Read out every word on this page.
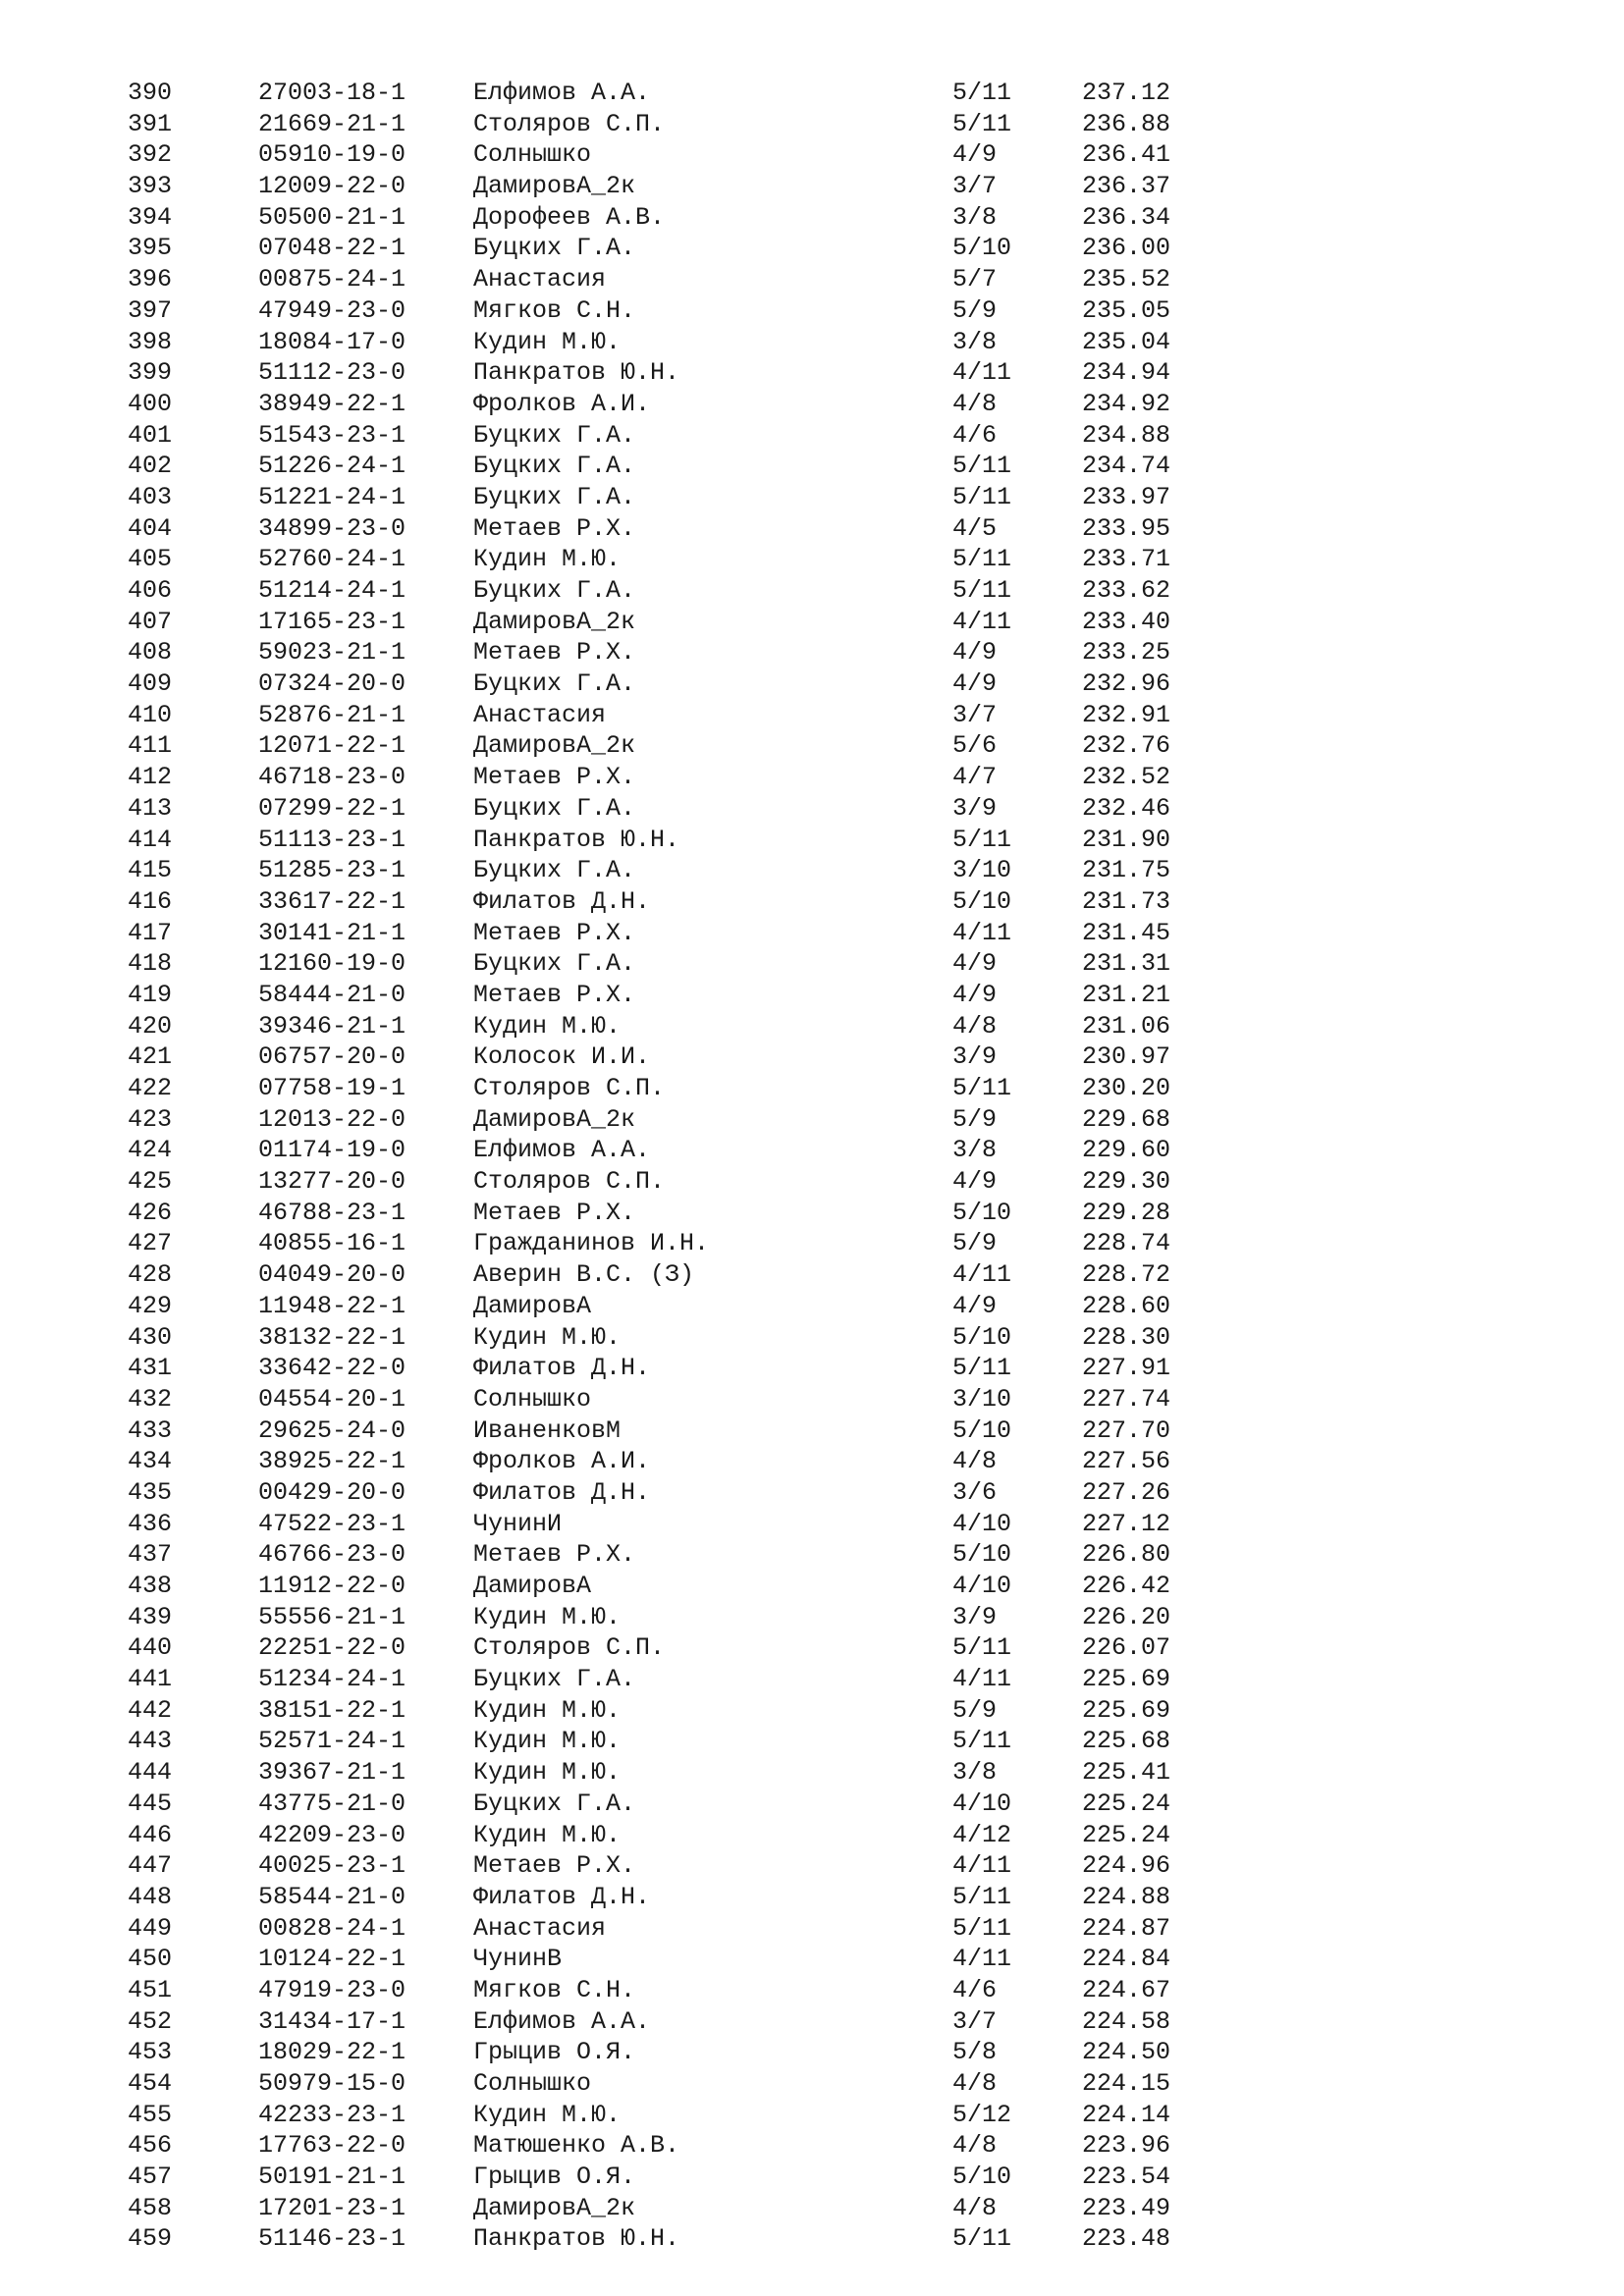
390	27003-18-1	Елфимов А.А.	5/11	237.12
391	21669-21-1	Столяров С.П.	5/11	236.88
392	05910-19-0	Солнышко	4/9	236.41
393	12009-22-0	ДамировА_2к	3/7	236.37
394	50500-21-1	Дорофеев А.В.	3/8	236.34
395	07048-22-1	Буцких Г.А.	5/10	236.00
396	00875-24-1	Анастасия	5/7	235.52
397	47949-23-0	Мягков С.Н.	5/9	235.05
398	18084-17-0	Кудин М.Ю.	3/8	235.04
399	51112-23-0	Панкратов Ю.Н.	4/11	234.94
400	38949-22-1	Фролков А.И.	4/8	234.92
401	51543-23-1	Буцких Г.А.	4/6	234.88
402	51226-24-1	Буцких Г.А.	5/11	234.74
403	51221-24-1	Буцких Г.А.	5/11	233.97
404	34899-23-0	Метаев Р.Х.	4/5	233.95
405	52760-24-1	Кудин М.Ю.	5/11	233.71
406	51214-24-1	Буцких Г.А.	5/11	233.62
407	17165-23-1	ДамировА_2к	4/11	233.40
408	59023-21-1	Метаев Р.Х.	4/9	233.25
409	07324-20-0	Буцких Г.А.	4/9	232.96
410	52876-21-1	Анастасия	3/7	232.91
411	12071-22-1	ДамировА_2к	5/6	232.76
412	46718-23-0	Метаев Р.Х.	4/7	232.52
413	07299-22-1	Буцких Г.А.	3/9	232.46
414	51113-23-1	Панкратов Ю.Н.	5/11	231.90
415	51285-23-1	Буцких Г.А.	3/10	231.75
416	33617-22-1	Филатов Д.Н.	5/10	231.73
417	30141-21-1	Метаев Р.Х.	4/11	231.45
418	12160-19-0	Буцких Г.А.	4/9	231.31
419	58444-21-0	Метаев Р.Х.	4/9	231.21
420	39346-21-1	Кудин М.Ю.	4/8	231.06
421	06757-20-0	Колосок И.И.	3/9	230.97
422	07758-19-1	Столяров С.П.	5/11	230.20
423	12013-22-0	ДамировА_2к	5/9	229.68
424	01174-19-0	Елфимов А.А.	3/8	229.60
425	13277-20-0	Столяров С.П.	4/9	229.30
426	46788-23-1	Метаев Р.Х.	5/10	229.28
427	40855-16-1	Гражданинов И.Н.	5/9	228.74
428	04049-20-0	Аверин В.С. (З)	4/11	228.72
429	11948-22-1	ДамировА	4/9	228.60
430	38132-22-1	Кудин М.Ю.	5/10	228.30
431	33642-22-0	Филатов Д.Н.	5/11	227.91
432	04554-20-1	Солнышко	3/10	227.74
433	29625-24-0	ИваненковМ	5/10	227.70
434	38925-22-1	Фролков А.И.	4/8	227.56
435	00429-20-0	Филатов Д.Н.	3/6	227.26
436	47522-23-1	ЧунинИ	4/10	227.12
437	46766-23-0	Метаев Р.Х.	5/10	226.80
438	11912-22-0	ДамировА	4/10	226.42
439	55556-21-1	Кудин М.Ю.	3/9	226.20
440	22251-22-0	Столяров С.П.	5/11	226.07
441	51234-24-1	Буцких Г.А.	4/11	225.69
442	38151-22-1	Кудин М.Ю.	5/9	225.69
443	52571-24-1	Кудин М.Ю.	5/11	225.68
444	39367-21-1	Кудин М.Ю.	3/8	225.41
445	43775-21-0	Буцких Г.А.	4/10	225.24
446	42209-23-0	Кудин М.Ю.	4/12	225.24
447	40025-23-1	Метаев Р.Х.	4/11	224.96
448	58544-21-0	Филатов Д.Н.	5/11	224.88
449	00828-24-1	Анастасия	5/11	224.87
450	10124-22-1	ЧунинВ	4/11	224.84
451	47919-23-0	Мягков С.Н.	4/6	224.67
452	31434-17-1	Елфимов А.А.	3/7	224.58
453	18029-22-1	Грыцив О.Я.	5/8	224.50
454	50979-15-0	Солнышко	4/8	224.15
455	42233-23-1	Кудин М.Ю.	5/12	224.14
456	17763-22-0	Матюшенко А.В.	4/8	223.96
457	50191-21-1	Грыцив О.Я.	5/10	223.54
458	17201-23-1	ДамировА_2к	4/8	223.49
459	51146-23-1	Панкратов Ю.Н.	5/11	223.48
